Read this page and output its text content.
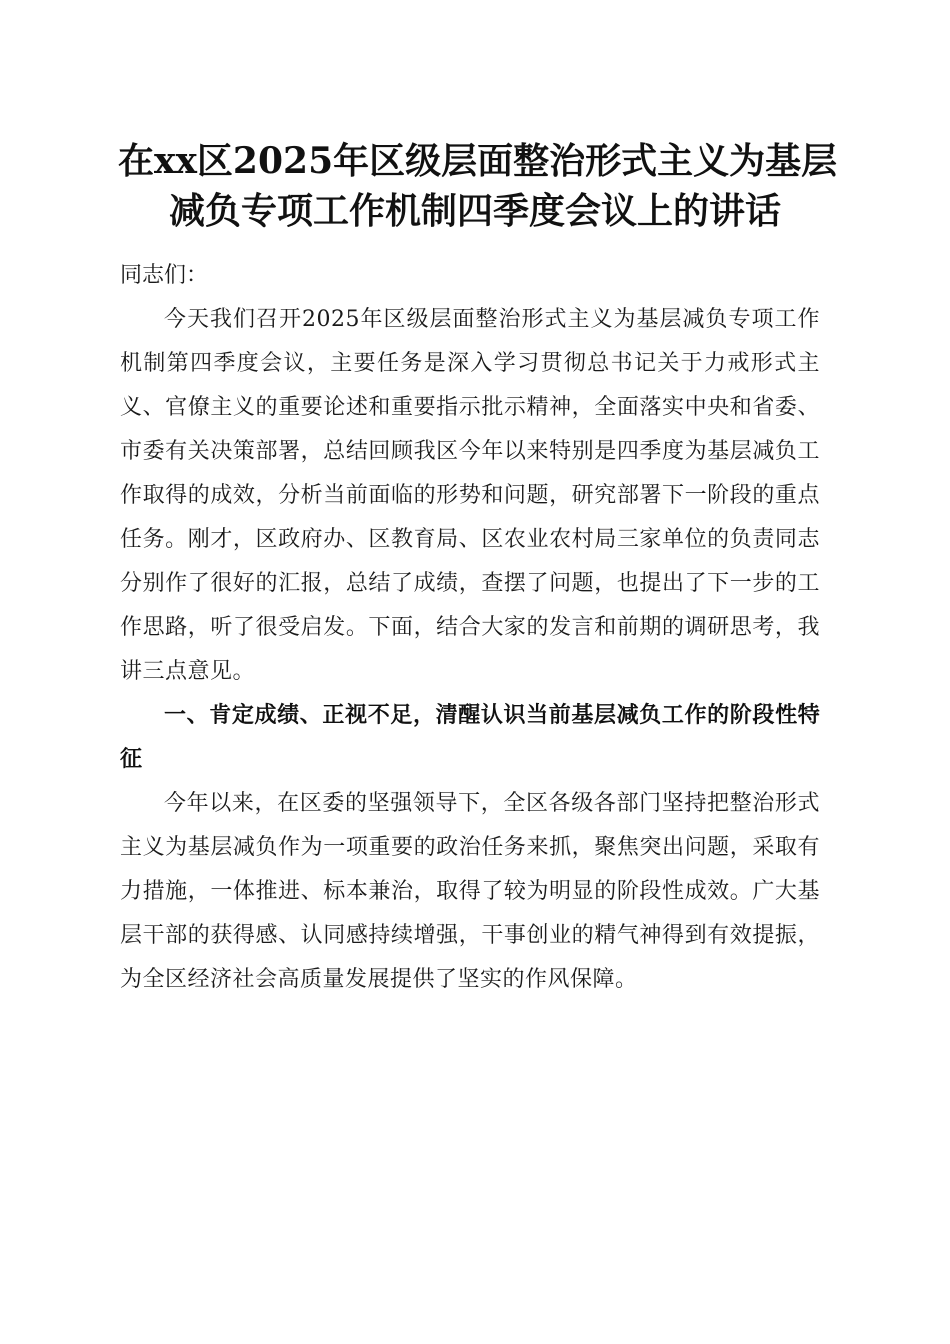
在xx区2025年区级层面整治形式主义为基层
减负专项工作机制四季度会议上的讲话

同志们：

今天我们召开2025年区级层面整治形式主义为基层减负专项工作机制第四季度会议，主要任务是深入学习贯彻总书记关于力戒形式主义、官僚主义的重要论述和重要指示批示精神，全面落实中央和省委、市委有关决策部署，总结回顾我区今年以来特别是四季度为基层减负工作取得的成效，分析当前面临的形势和问题，研究部署下一阶段的重点任务。刚才，区政府办、区教育局、区农业农村局三家单位的负责同志分别作了很好的汇报，总结了成绩，查摆了问题，也提出了下一步的工作思路，听了很受启发。下面，结合大家的发言和前期的调研思考，我讲三点意见。

一、肯定成绩、正视不足，清醒认识当前基层减负工作的阶段性特征

今年以来，在区委的坚强领导下，全区各级各部门坚持把整治形式主义为基层减负作为一项重要的政治任务来抓，聚焦突出问题，采取有力措施，一体推进、标本兼治，取得了较为明显的阶段性成效。广大基层干部的获得感、认同感持续增强，干事创业的精气神得到有效提振，为全区经济社会高质量发展提供了坚实的作风保障。
